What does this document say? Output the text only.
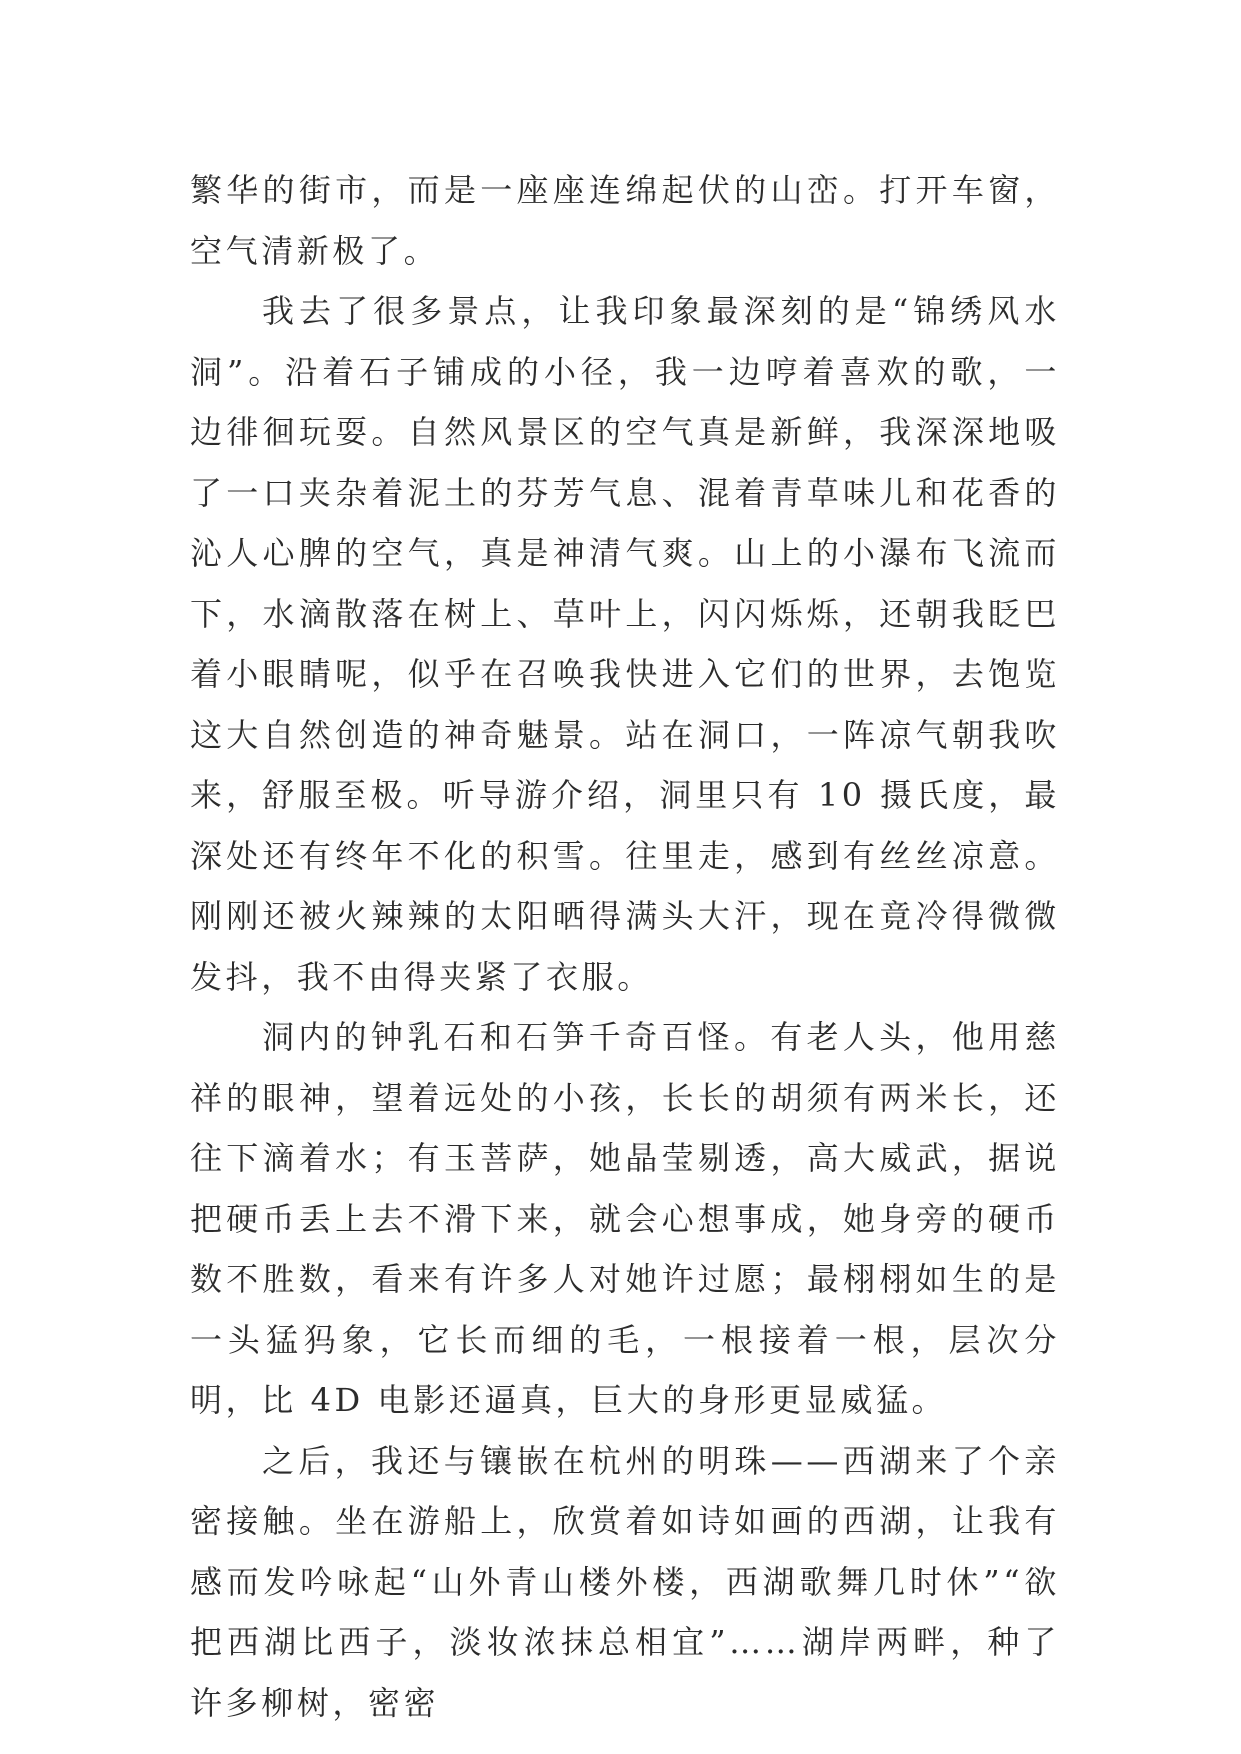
繁华的街市，而是一座座连绵起伏的山峦。打开车窗，空气清新极了。

我去了很多景点，让我印象最深刻的是“锦绣风水洞”。沿着石子铺成的小径，我一边哼着喜欢的歌，一边徘徊玩耍。自然风景区的空气真是新鲜，我深深地吸了一口夹杂着泥土的芬芳气息、混着青草味儿和花香的沁人心脾的空气，真是神清气爽。山上的小瀑布飞流而下，水滴散落在树上、草叶上，闪闪烁烁，还朝我眨巴着小眼睛呢，似乎在召唤我快进入它们的世界，去饱览这大自然创造的神奇魅景。站在洞口，一阵凉气朝我吹来，舒服至极。听导游介绍，洞里只有 10 摄氏度，最深处还有终年不化的积雪。往里走，感到有丝丝凉意。刚刚还被火辣辣的太阳晒得满头大汗，现在竟冷得微微发抖，我不由得夹紧了衣服。

洞内的钟乳石和石笋千奇百怪。有老人头，他用慈祥的眼神，望着远处的小孩，长长的胡须有两米长，还往下滴着水；有玉菩萨，她晶莹剔透，高大威武，据说把硬币丢上去不滑下来，就会心想事成，她身旁的硬币数不胜数，看来有许多人对她许过愿；最栩栩如生的是一头猛犸象，它长而细的毛，一根接着一根，层次分明，比 4D 电影还逼真，巨大的身形更显威猛。

之后，我还与镶嵌在杭州的明珠——西湖来了个亲密接触。坐在游船上，欣赏着如诗如画的西湖，让我有感而发吟咏起“山外青山楼外楼，西湖歌舞几时休”“欲把西湖比西子，淡妆浓抹总相宜”……湖岸两畔，种了许多柳树，密密
